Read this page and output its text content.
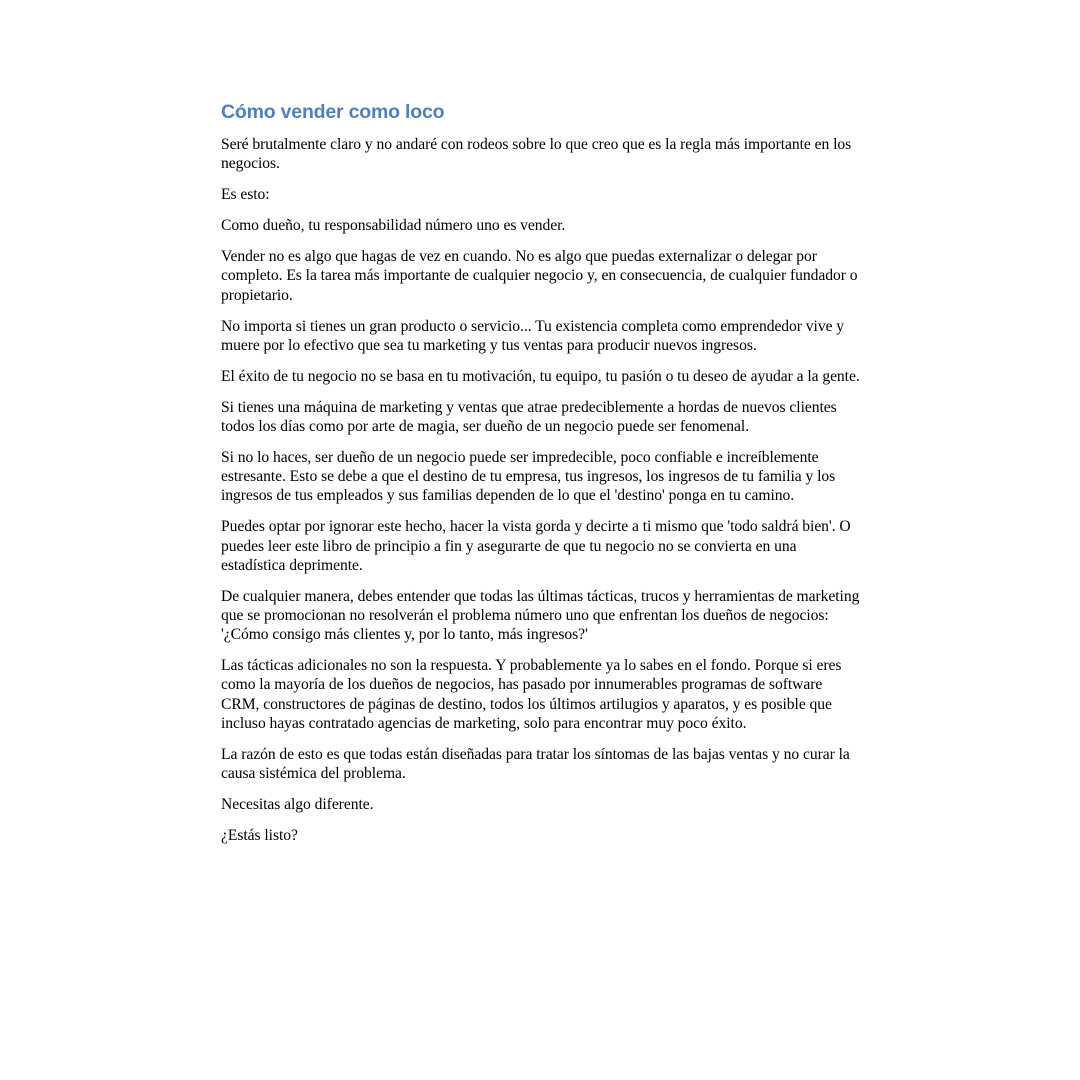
Cómo vender como loco

Seré brutalmente claro y no andaré con rodeos sobre lo que creo que es la regla más importante en los negocios.

Es esto:

Como dueño, tu responsabilidad número uno es vender.

Vender no es algo que hagas de vez en cuando. No es algo que puedas externalizar o delegar por completo. Es la tarea más importante de cualquier negocio y, en consecuencia, de cualquier fundador o propietario.

No importa si tienes un gran producto o servicio... Tu existencia completa como emprendedor vive y muere por lo efectivo que sea tu marketing y tus ventas para producir nuevos ingresos.

El éxito de tu negocio no se basa en tu motivación, tu equipo, tu pasión o tu deseo de ayudar a la gente.

Si tienes una máquina de marketing y ventas que atrae predeciblemente a hordas de nuevos clientes todos los días como por arte de magia, ser dueño de un negocio puede ser fenomenal.

Si no lo haces, ser dueño de un negocio puede ser impredecible, poco confiable e increíblemente estresante. Esto se debe a que el destino de tu empresa, tus ingresos, los ingresos de tu familia y los ingresos de tus empleados y sus familias dependen de lo que el 'destino' ponga en tu camino.

Puedes optar por ignorar este hecho, hacer la vista gorda y decirte a ti mismo que 'todo saldrá bien'. O puedes leer este libro de principio a fin y asegurarte de que tu negocio no se convierta en una estadística deprimente.

De cualquier manera, debes entender que todas las últimas tácticas, trucos y herramientas de marketing que se promocionan no resolverán el problema número uno que enfrentan los dueños de negocios: '¿Cómo consigo más clientes y, por lo tanto, más ingresos?'

Las tácticas adicionales no son la respuesta. Y probablemente ya lo sabes en el fondo. Porque si eres como la mayoría de los dueños de negocios, has pasado por innumerables programas de software CRM, constructores de páginas de destino, todos los últimos artilugios y aparatos, y es posible que incluso hayas contratado agencias de marketing, solo para encontrar muy poco éxito.

La razón de esto es que todas están diseñadas para tratar los síntomas de las bajas ventas y no curar la causa sistémica del problema.

Necesitas algo diferente.

¿Estás listo?
